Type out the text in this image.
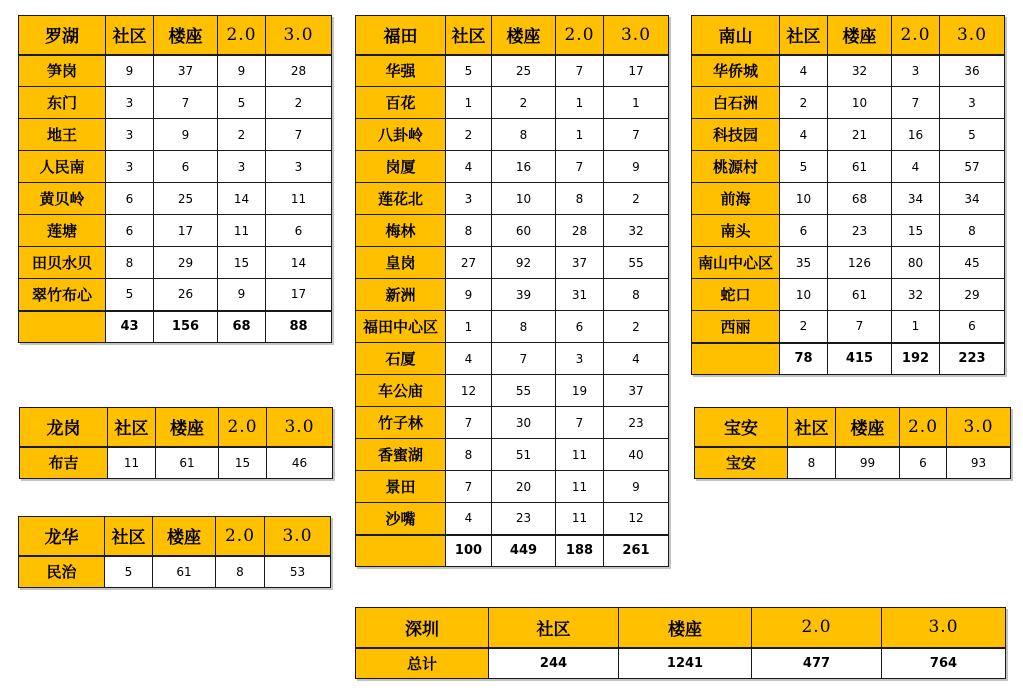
罗湖	社区	楼座	2.0	3.0
笋岗	9	37	9	28
东门	3	7	5	2
地王	3	9	2	7
人民南	3	6	3	3
黄贝岭	6	25	14	11
莲塘	6	17	11	6
田贝水贝	8	29	15	14
翠竹布心	5	26	9	17
	43	156	68	88
福田	社区	楼座	2.0	3.0
华强	5	25	7	17
百花	1	2	1	1
八卦岭	2	8	1	7
岗厦	4	16	7	9
莲花北	3	10	8	2
梅林	8	60	28	32
皇岗	27	92	37	55
新洲	9	39	31	8
福田中心区	1	8	6	2
石厦	4	7	3	4
车公庙	12	55	19	37
竹子林	7	30	7	23
香蜜湖	8	51	11	40
景田	7	20	11	9
沙嘴	4	23	11	12
	100	449	188	261
南山	社区	楼座	2.0	3.0
华侨城	4	32	3	36
白石洲	2	10	7	3
科技园	4	21	16	5
桃源村	5	61	4	57
前海	10	68	34	34
南头	6	23	15	8
南山中心区	35	126	80	45
蛇口	10	61	32	29
西丽	2	7	1	6
	78	415	192	223
龙岗	社区	楼座	2.0	3.0
布吉	11	61	15	46
龙华	社区	楼座	2.0	3.0
民治	5	61	8	53
宝安	社区	楼座	2.0	3.0
宝安	8	99	6	93
深圳	社区	楼座	2.0	3.0
总计	244	1241	477	764
